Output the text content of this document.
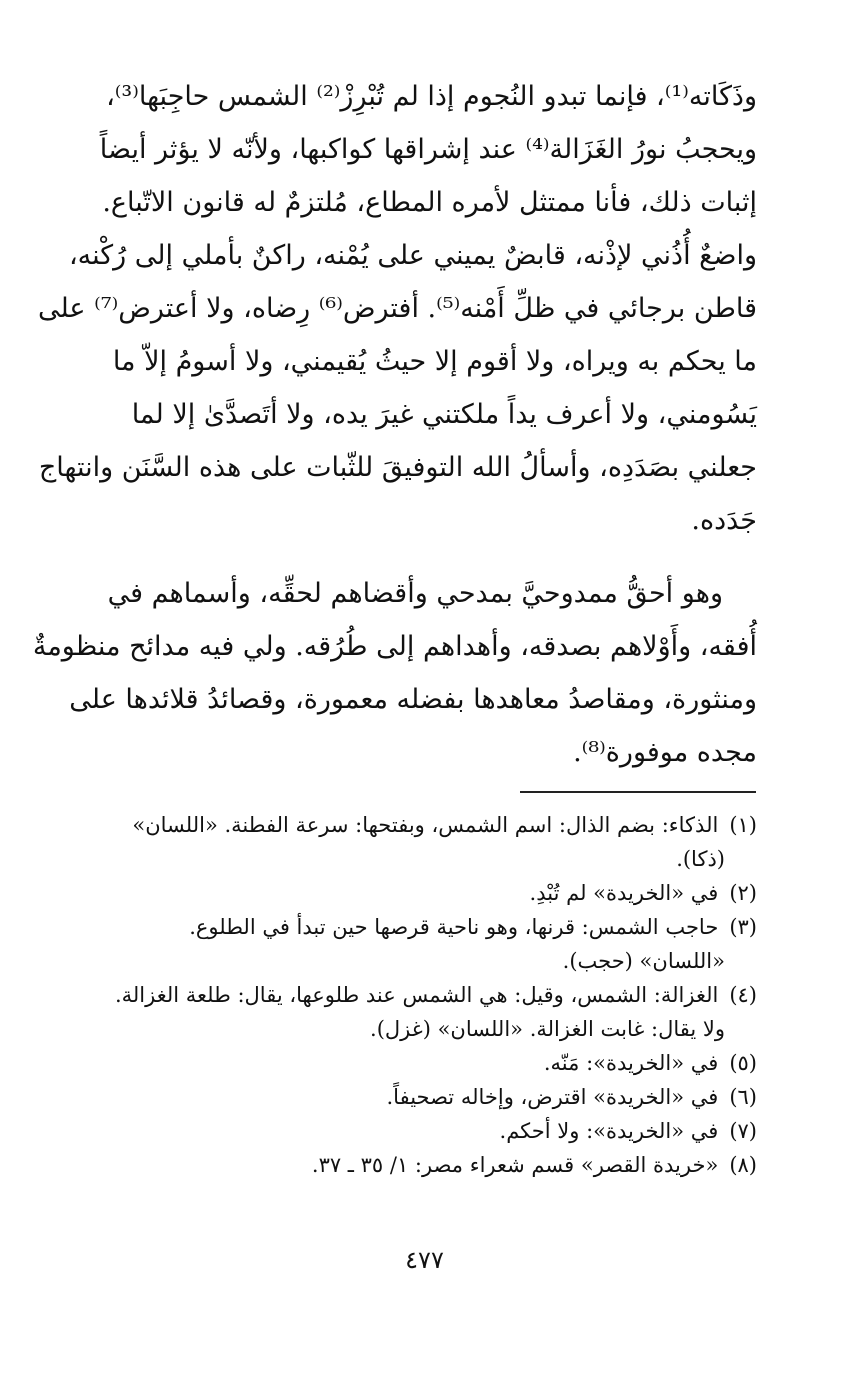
وذَكَاته⁽¹⁾، فإنما تبدو النُجوم إذا لم تُبْرِزْ⁽²⁾ الشمس حاجِبَها⁽³⁾،
ويحجبُ نورُ الغَزَالة⁽⁴⁾ عند إشراقها كواكبها، ولأنّه لا يؤثر أيضاً
إثبات ذلك، فأنا ممتثل لأمره المطاع، مُلتزمٌ له قانون الاتّباع.
واضعٌ أُذُني لإذْنه، قابضٌ يميني على يُمْنه، راكنٌ بأملي إلى رُكْنه،
قاطن برجائي في ظلِّ أَمْنه⁽⁵⁾. أفترض⁽⁶⁾ رِضاه، ولا أعترض⁽⁷⁾ على
ما يحكم به ويراه، ولا أقوم إلا حيثُ يُقيمني، ولا أسومُ إلاّ ما
يَسُومني، ولا أعرف يداً ملكتني غيرَ يده، ولا أتَصدَّىٰ إلا لما
جعلني بصَدَدِه، وأسألُ الله التوفيقَ للثّبات على هذه السَّنَن وانتهاج
جَدَده.
وهو أحقُّ ممدوحيَّ بمدحي وأقضاهم لحقِّه، وأسماهم في
أُفقه، وأَوْلاهم بصدقه، وأهداهم إلى طُرُقه. ولي فيه مدائح منظومةٌ
ومنثورة، ومقاصدُ معاهدها بفضله معمورة، وقصائدُ قلائدها على
مجده موفورة⁽⁸⁾.
(١) الذكاء: بضم الذال: اسم الشمس، وبفتحها: سرعة الفطنة. «اللسان»
(ذكا).
(٢) في «الخريدة» لم تُبْدِ.
(٣) حاجب الشمس: قرنها، وهو ناحية قرصها حين تبدأ في الطلوع.
«اللسان» (حجب).
(٤) الغزالة: الشمس، وقيل: هي الشمس عند طلوعها، يقال: طلعة الغزالة.
ولا يقال: غابت الغزالة. «اللسان» (غزل).
(٥) في «الخريدة»: مَنّه.
(٦) في «الخريدة» اقترض، وإخاله تصحيفاً.
(٧) في «الخريدة»: ولا أحكم.
(٨) «خريدة القصر» قسم شعراء مصر: ١/ ٣٥ ـ ٣٧.
٤٧٧
